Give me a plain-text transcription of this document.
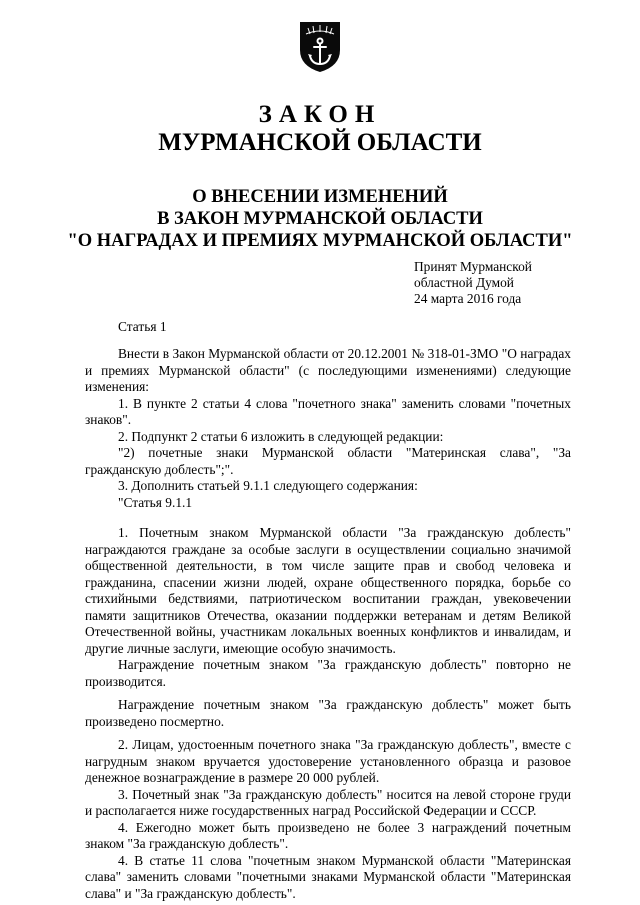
ЗАКОН
МУРМАНСКОЙ ОБЛАСТИ
О ВНЕСЕНИИ ИЗМЕНЕНИЙ
В ЗАКОН МУРМАНСКОЙ ОБЛАСТИ
"О НАГРАДАХ И ПРЕМИЯХ МУРМАНСКОЙ ОБЛАСТИ"
Принят Мурманской
областной Думой
24 марта 2016 года
Статья 1

Внести в Закон Мурманской области от 20.12.2001 № 318-01-ЗМО "О наградах и премиях Мурманской области" (с последующими изменениями) следующие изменения:

1. В пункте 2 статьи 4 слова "почетного знака" заменить словами "почетных знаков".

2. Подпункт 2 статьи 6 изложить в следующей редакции:

"2) почетные знаки Мурманской области "Материнская слава", "За гражданскую доблесть";".

3. Дополнить статьей 9.1.1 следующего содержания:

"Статья 9.1.1

1. Почетным знаком Мурманской области "За гражданскую доблесть" награждаются граждане за особые заслуги в осуществлении социально значимой общественной деятельности, в том числе защите прав и свобод человека и гражданина, спасении жизни людей, охране общественного порядка, борьбе со стихийными бедствиями, патриотическом воспитании граждан, увековечении памяти защитников Отечества, оказании поддержки ветеранам и детям Великой Отечественной войны, участникам локальных военных конфликтов и инвалидам, и другие личные заслуги, имеющие особую значимость.

Награждение почетным знаком "За гражданскую доблесть" повторно не производится.

Награждение почетным знаком "За гражданскую доблесть" может быть произведено посмертно.

2. Лицам, удостоенным почетного знака "За гражданскую доблесть", вместе с нагрудным знаком вручается удостоверение установленного образца и разовое денежное вознаграждение в размере 20 000 рублей.

3. Почетный знак "За гражданскую доблесть" носится на левой стороне груди и располагается ниже государственных наград Российской Федерации и СССР.

4. Ежегодно может быть произведено не более 3 награждений почетным знаком "За гражданскую доблесть".

4. В статье 11 слова "почетным знаком Мурманской области "Материнская слава" заменить словами "почетными знаками Мурманской области "Материнская слава" и "За гражданскую доблесть".
